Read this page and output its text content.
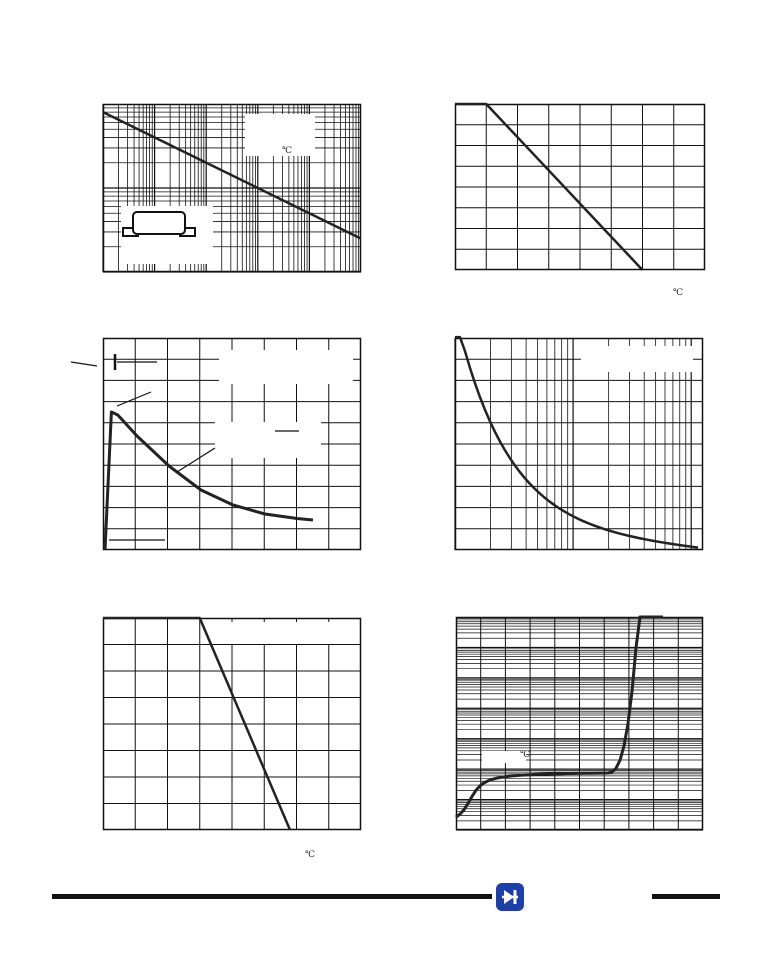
℃
℃
℃
℃
